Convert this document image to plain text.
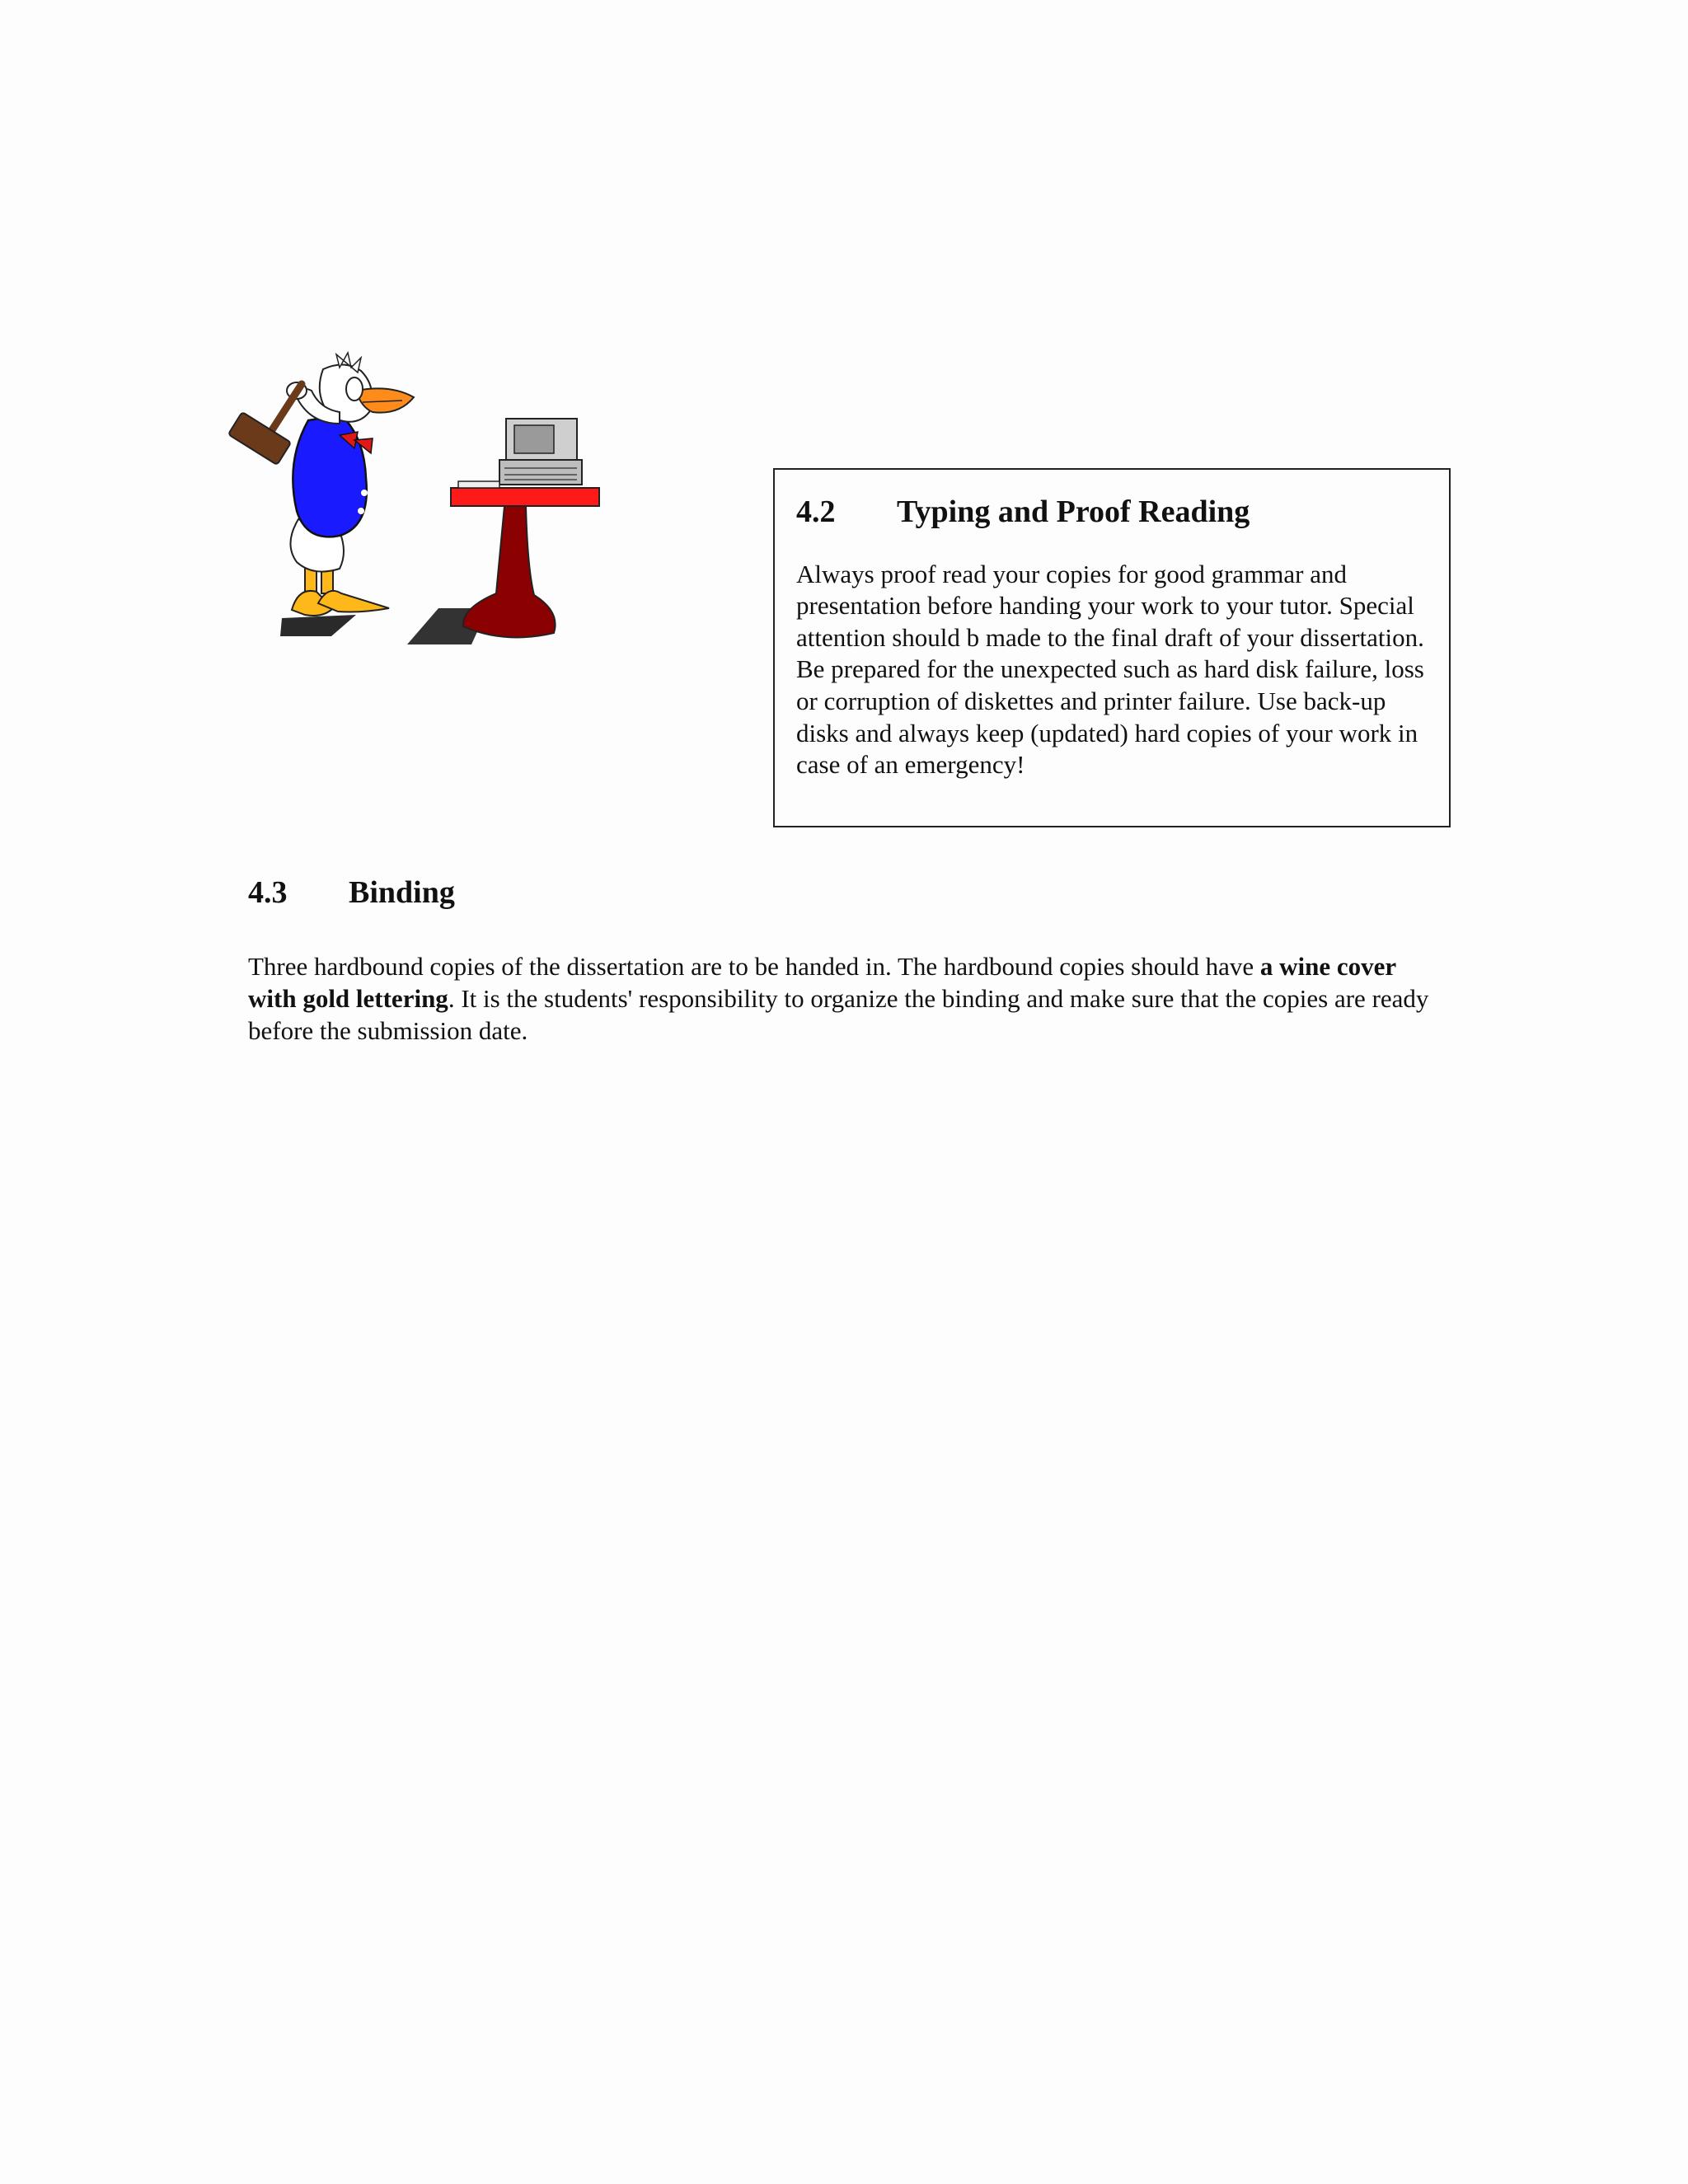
4.2 Typing and Proof Reading

Always proof read your copies for good grammar and presentation before handing your work to your tutor. Special attention should b made to the final draft of your dissertation.
Be prepared for the unexpected such as hard disk failure, loss or corruption of diskettes and printer failure. Use back-up disks and always keep (updated) hard copies of your work in case of an emergency!

4.3 Binding

Three hardbound copies of the dissertation are to be handed in. The hardbound copies should have a wine cover with gold lettering. It is the students' responsibility to organize the binding and make sure that the copies are ready before the submission date.
